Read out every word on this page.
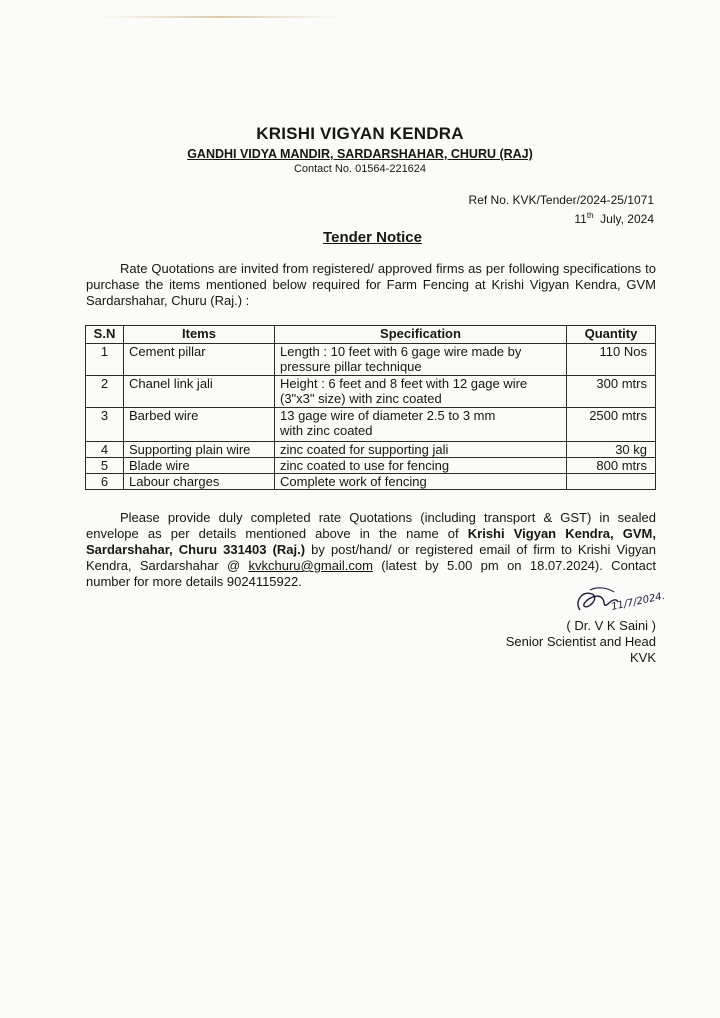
KRISHI VIGYAN KENDRA
GANDHI VIDYA MANDIR, SARDARSHAHAR, CHURU (RAJ)
Contact No. 01564-221624
Ref No. KVK/Tender/2024-25/1071
11th  July, 2024
Tender Notice
Rate Quotations are invited from registered/ approved firms as per following specifications to purchase the items mentioned below required for Farm Fencing at Krishi Vigyan Kendra, GVM Sardarshahar, Churu (Raj.) :
S.N	Items	Specification	Quantity
1	Cement pillar	Length : 10 feet with 6 gage wire made by pressure pillar technique	110 Nos
2	Chanel link jali	Height : 6 feet and 8 feet with 12 gage wire (3"x3" size) with zinc coated	300 mtrs
3	Barbed wire	13 gage wire of diameter 2.5 to 3 mm with zinc coated	2500 mtrs
4	Supporting plain wire	zinc coated for supporting jali	30 kg
5	Blade wire	zinc coated to use for fencing	800 mtrs
6	Labour charges	Complete work of fencing	
Please provide duly completed rate Quotations (including transport & GST) in sealed envelope as per details mentioned above in the name of Krishi Vigyan Kendra, GVM, Sardarshahar, Churu 331403 (Raj.) by post/hand/ or registered email of firm to Krishi Vigyan Kendra, Sardarshahar @ kvkchuru@gmail.com (latest by 5.00 pm on 18.07.2024). Contact number for more details 9024115922.
11/7/2024.
( Dr. V K Saini )
Senior Scientist and Head
KVK
